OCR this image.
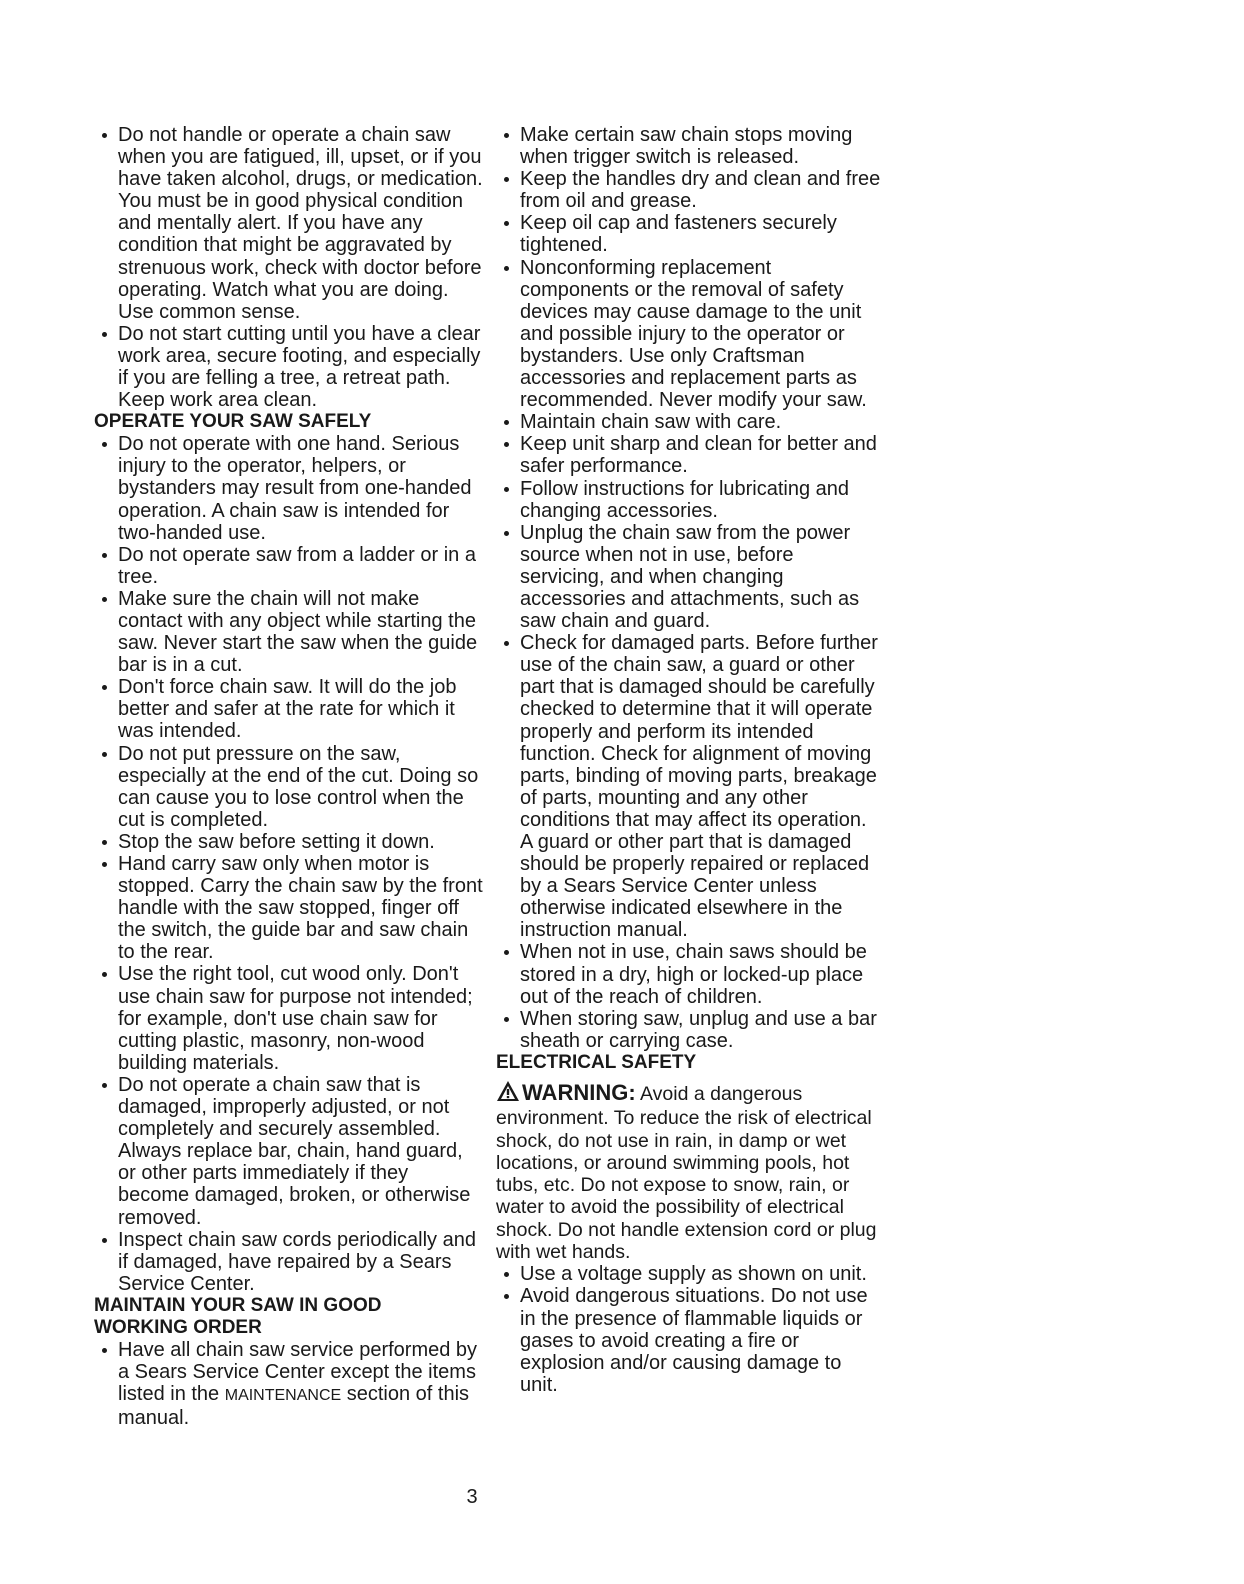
Do not handle or operate a chain saw when you are fatigued, ill, upset, or if you have taken alcohol, drugs, or medication. You must be in good physical condition and mentally alert. If you have any condition that might be aggravated by strenuous work, check with doctor before operating. Watch what you are doing. Use common sense.

Do not start cutting until you have a clear work area, secure footing, and especially if you are felling a tree, a retreat path. Keep work area clean.

OPERATE YOUR SAW SAFELY

Do not operate with one hand. Serious injury to the operator, helpers, or bystanders may result from one-handed operation. A chain saw is intended for two-handed use.

Do not operate saw from a ladder or in a tree.

Make sure the chain will not make contact with any object while starting the saw. Never start the saw when the guide bar is in a cut.

Don't force chain saw. It will do the job better and safer at the rate for which it was intended.

Do not put pressure on the saw, especially at the end of the cut. Doing so can cause you to lose control when the cut is completed.

Stop the saw before setting it down.

Hand carry saw only when motor is stopped. Carry the chain saw by the front handle with the saw stopped, finger off the switch, the guide bar and saw chain to the rear.

Use the right tool, cut wood only. Don't use chain saw for purpose not intended; for example, don't use chain saw for cutting plastic, masonry, non-wood building materials.

Do not operate a chain saw that is damaged, improperly adjusted, or not completely and securely assembled. Always replace bar, chain, hand guard, or other parts immediately if they become damaged, broken, or otherwise removed.

Inspect chain saw cords periodically and if damaged, have repaired by a Sears Service Center.

MAINTAIN YOUR SAW IN GOOD
WORKING ORDER

Have all chain saw service performed by a Sears Service Center except the items listed in the MAINTENANCE section of this manual.

Make certain saw chain stops moving when trigger switch is released.

Keep the handles dry and clean and free from oil and grease.

Keep oil cap and fasteners securely tightened.

Nonconforming replacement components or the removal of safety devices may cause damage to the unit and possible injury to the operator or bystanders. Use only Craftsman accessories and replacement parts as recommended. Never modify your saw.

Maintain chain saw with care.

Keep unit sharp and clean for better and safer performance.

Follow instructions for lubricating and changing accessories.

Unplug the chain saw from the power source when not in use, before servicing, and when changing accessories and attachments, such as saw chain and guard.

Check for damaged parts. Before further use of the chain saw, a guard or other part that is damaged should be carefully checked to determine that it will operate properly and perform its intended function. Check for alignment of moving parts, binding of moving parts, breakage of parts, mounting and any other conditions that may affect its operation. A guard or other part that is damaged should be properly repaired or replaced by a Sears Service Center unless otherwise indicated elsewhere in the instruction manual.

When not in use, chain saws should be stored in a dry, high or locked-up place out of the reach of children.

When storing saw, unplug and use a bar sheath or carrying case.

ELECTRICAL SAFETY

WARNING: Avoid a dangerous environment. To reduce the risk of electrical shock, do not use in rain, in damp or wet locations, or around swimming pools, hot tubs, etc. Do not expose to snow, rain, or water to avoid the possibility of electrical shock. Do not handle extension cord or plug with wet hands.

Use a voltage supply as shown on unit.

Avoid dangerous situations. Do not use in the presence of flammable liquids or gases to avoid creating a fire or explosion and/or causing damage to unit.

3
